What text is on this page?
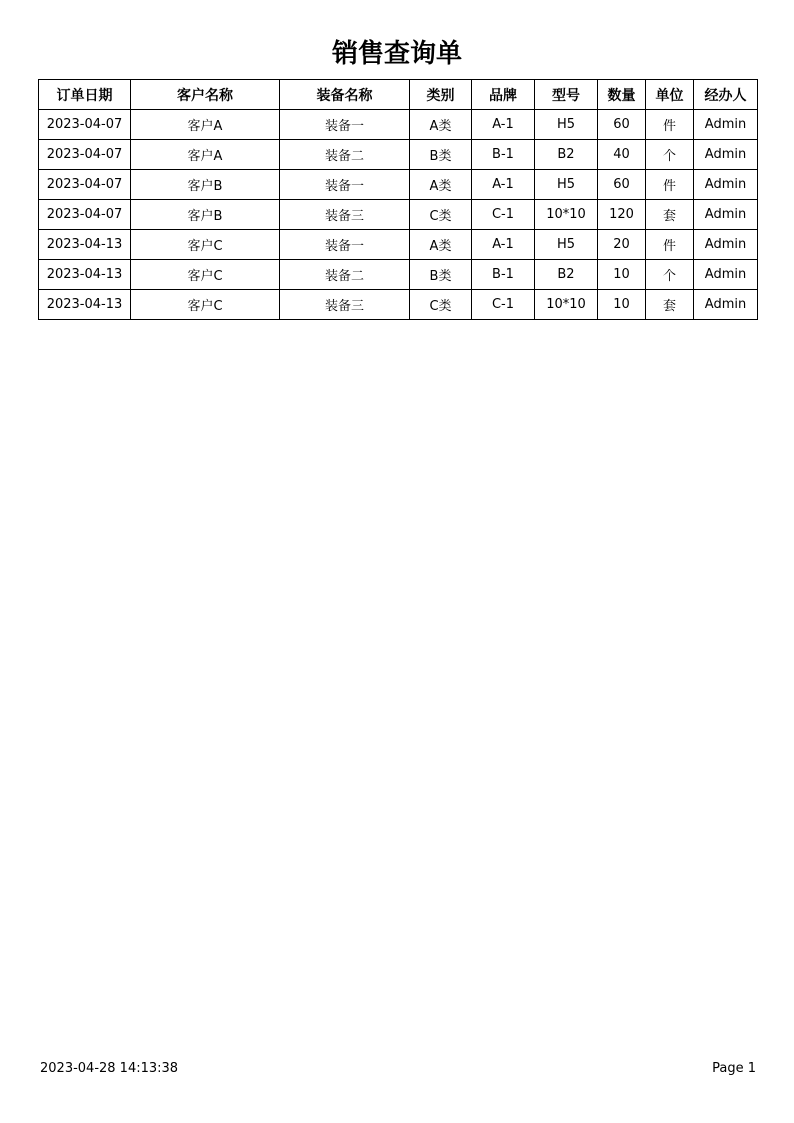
销售查询单
订单日期	客户名称	装备名称	类别	品牌	型号	数量	单位	经办人
2023-04-07	客户A	装备一	A类	A-1	H5	60	件	Admin
2023-04-07	客户A	装备二	B类	B-1	B2	40	个	Admin
2023-04-07	客户B	装备一	A类	A-1	H5	60	件	Admin
2023-04-07	客户B	装备三	C类	C-1	10*10	120	套	Admin
2023-04-13	客户C	装备一	A类	A-1	H5	20	件	Admin
2023-04-13	客户C	装备二	B类	B-1	B2	10	个	Admin
2023-04-13	客户C	装备三	C类	C-1	10*10	10	套	Admin
2023-04-28 14:13:38	Page 1
